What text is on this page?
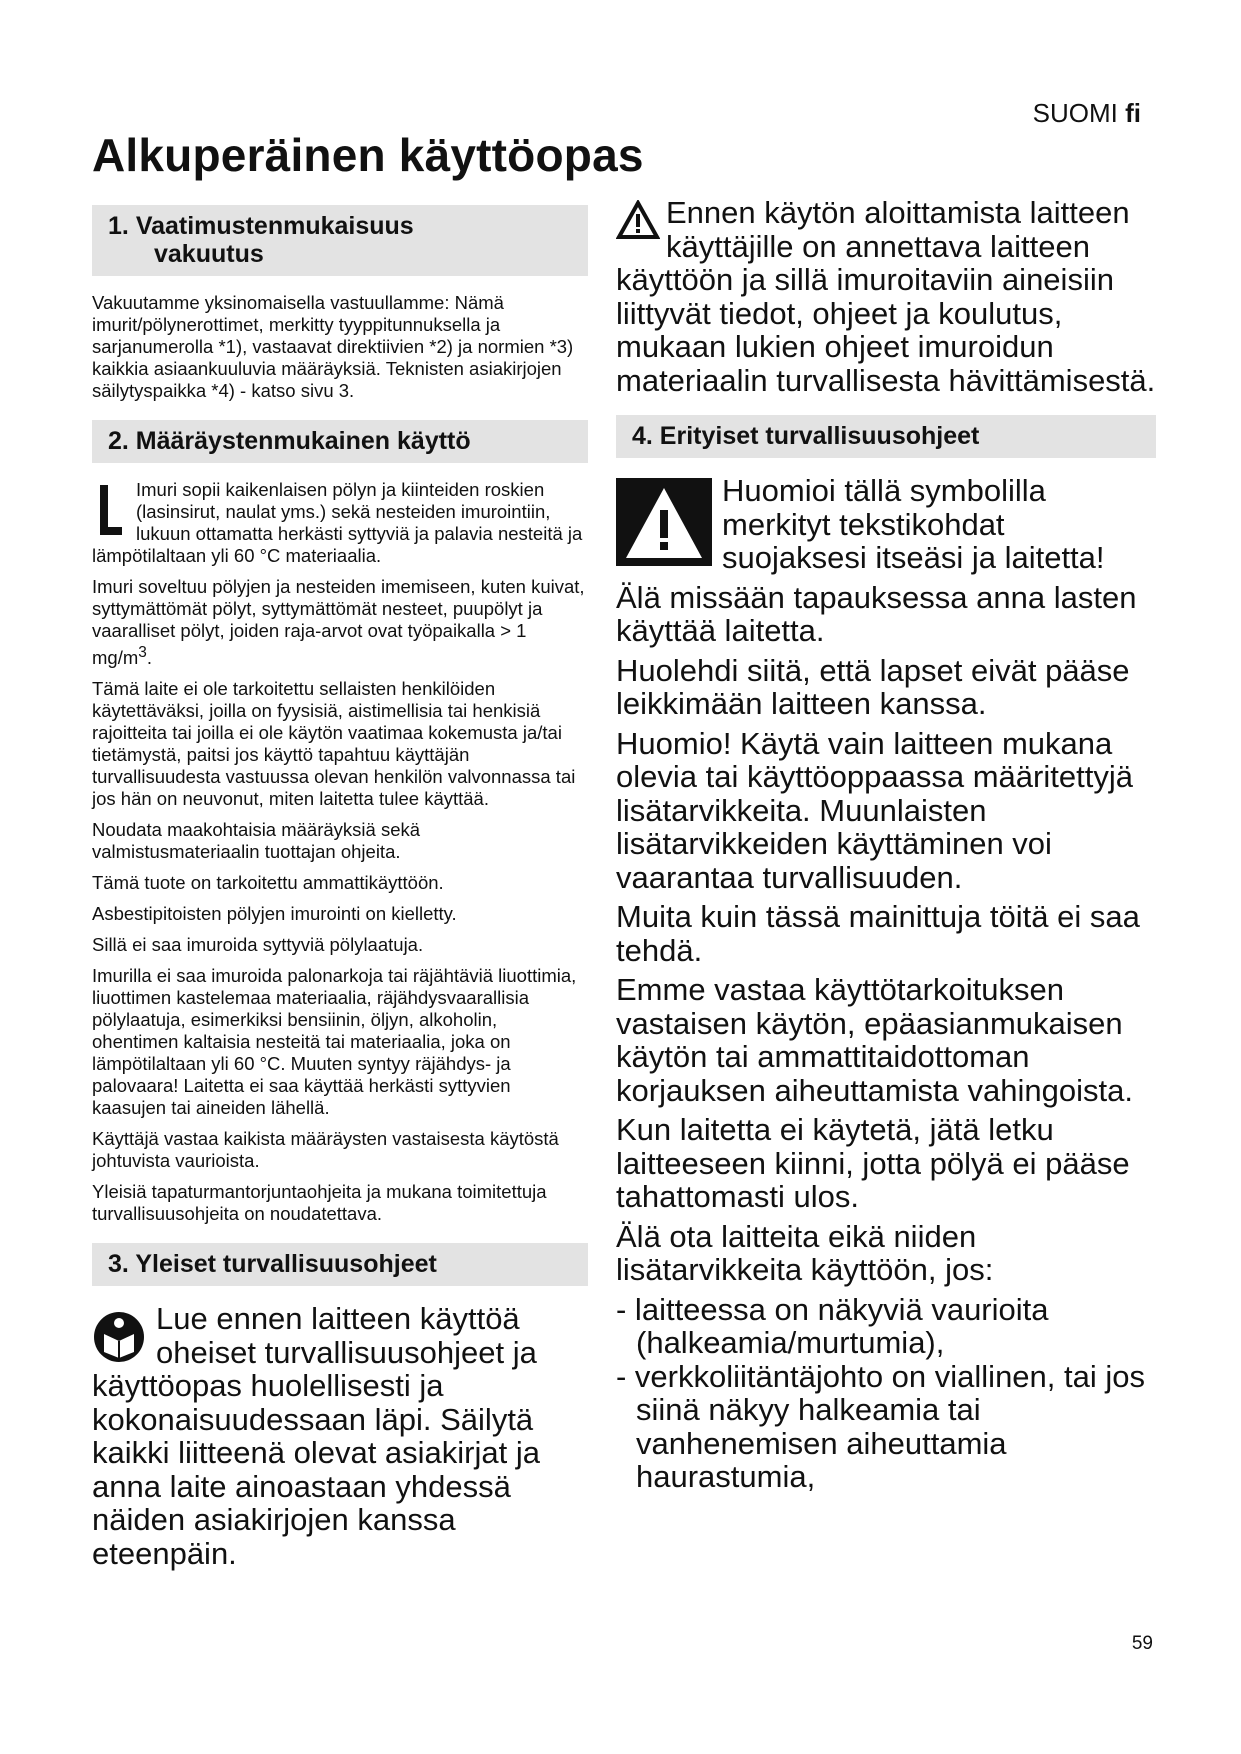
SUOMI fi
Alkuperäinen käyttöopas
1. Vaatimustenmukaisuus
vakuutus

Vakuutamme yksinomaisella vastuullamme: Nämä imurit/pölynerottimet, merkitty tyyppitunnuksella ja sarjanumerolla *1), vastaavat direktiivien *2) ja normien *3) kaikkia asiaankuuluvia määräyksiä. Teknisten asiakirjojen säilytyspaikka *4) - katso sivu 3.

2. Määräystenmukainen käyttö

Imuri sopii kaikenlaisen pölyn ja kiinteiden roskien (lasinsirut, naulat yms.) sekä nesteiden imurointiin, lukuun ottamatta herkästi syttyviä ja palavia nesteitä ja lämpötilaltaan yli 60 °C materiaalia.

Imuri soveltuu pölyjen ja nesteiden imemiseen, kuten kuivat, syttymättömät pölyt, syttymättömät nesteet, puupölyt ja vaaralliset pölyt, joiden raja-arvot ovat työpaikalla > 1 $mg/m^3$.

Tämä laite ei ole tarkoitettu sellaisten henkilöiden käytettäväksi, joilla on fyysisiä, aistimellisia tai henkisiä rajoitteita tai joilla ei ole käytön vaatimaa kokemusta ja/tai tietämystä, paitsi jos käyttö tapahtuu käyttäjän turvallisuudesta vastuussa olevan henkilön valvonnassa tai jos hän on neuvonut, miten laitetta tulee käyttää.

Noudata maakohtaisia määräyksiä sekä valmistusmateriaalin tuottajan ohjeita.

Tämä tuote on tarkoitettu ammattikäyttöön.

Asbestipitoisten pölyjen imurointi on kielletty.

Sillä ei saa imuroida syttyviä pölylaatuja.

Imurilla ei saa imuroida palonarkoja tai räjähtäviä liuottimia, liuottimen kastelemaa materiaalia, räjähdysvaarallisia pölylaatuja, esimerkiksi bensiinin, öljyn, alkoholin, ohentimen kaltaisia nesteitä tai materiaalia, joka on lämpötilaltaan yli 60 °C. Muuten syntyy räjähdys- ja palovaara! Laitetta ei saa käyttää herkästi syttyvien kaasujen tai aineiden lähellä.

Käyttäjä vastaa kaikista määräysten vastaisesta käytöstä johtuvista vaurioista.

Yleisiä tapaturmantorjuntaohjeita ja mukana toimitettuja turvallisuusohjeita on noudatettava.

3. Yleiset turvallisuusohjeet

Lue ennen laitteen käyttöä oheiset turvallisuusohjeet ja käyttöopas huolellisesti ja kokonaisuudessaan läpi. Säilytä kaikki liitteenä olevat asiakirjat ja anna laite ainoastaan yhdessä näiden asiakirjojen kanssa eteenpäin.

Ennen käytön aloittamista laitteen käyttäjille on annettava laitteen käyttöön ja sillä imuroitaviin aineisiin liittyvät tiedot, ohjeet ja koulutus, mukaan lukien ohjeet imuroidun materiaalin turvallisesta hävittämisestä.

4. Erityiset turvallisuusohjeet

Huomioi tällä symbolilla merkityt tekstikohdat suojaksesi itseäsi ja laitetta!

Älä missään tapauksessa anna lasten käyttää laitetta.

Huolehdi siitä, että lapset eivät pääse leikkimään laitteen kanssa.

Huomio! Käytä vain laitteen mukana olevia tai käyttöoppaassa määritettyjä lisätarvikkeita. Muunlaisten lisätarvikkeiden käyttäminen voi vaarantaa turvallisuuden.

Muita kuin tässä mainittuja töitä ei saa tehdä.

Emme vastaa käyttötarkoituksen vastaisen käytön, epäasianmukaisen käytön tai ammattitaidottoman korjauksen aiheuttamista vahingoista.

Kun laitetta ei käytetä, jätä letku laitteeseen kiinni, jotta pölyä ei pääse tahattomasti ulos.

Älä ota laitteita eikä niiden lisätarvikkeita käyttöön, jos:

- laitteessa on näkyviä vaurioita (halkeamia/murtumia),

- verkkoliitäntäjohto on viallinen, tai jos siinä näkyy halkeamia tai vanhenemisen aiheuttamia haurastumia,

59
